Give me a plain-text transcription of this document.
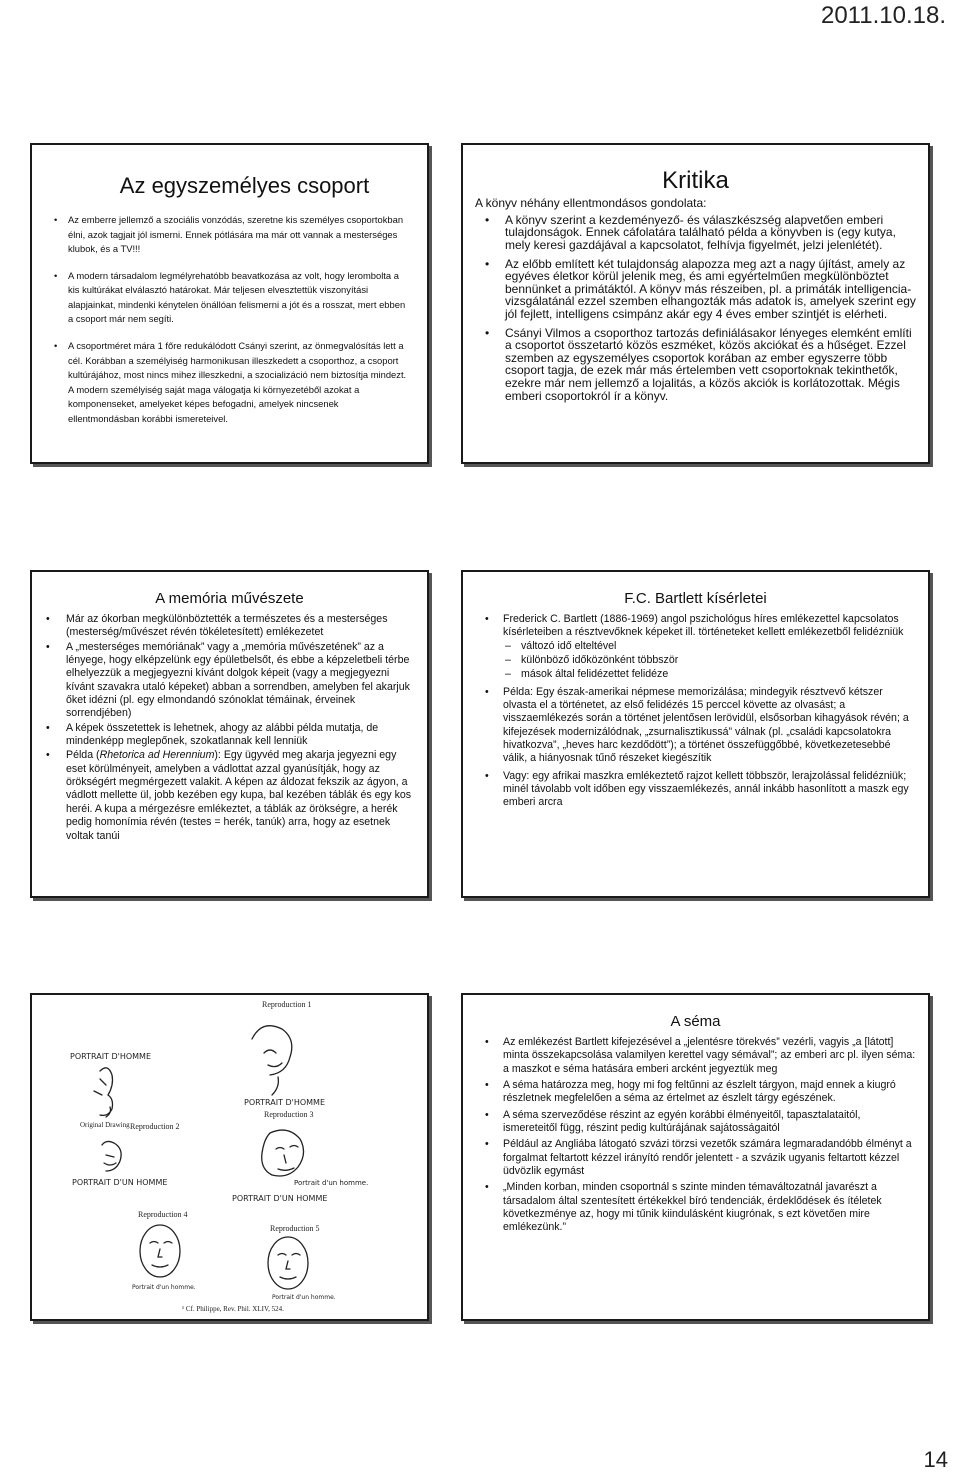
2011.10.18.
Az egyszemélyes csoport
• Az emberre jellemző a szociális vonzódás, szeretne kis személyes csoportokban élni, azok tagjait jól ismerni. Ennek pótlására ma már ott vannak a mesterséges klubok, és a TV!!!
• A modern társadalom legmélyrehatóbb beavatkozása az volt, hogy lerombolta a kis kultúrákat elválasztó határokat. Már teljesen elvesztettük viszonyítási alapjainkat, mindenki kénytelen önállóan felismerni a jót és a rosszat, mert ebben a csoport már nem segíti.
• A csoportméret mára 1 főre redukálódott Csányi szerint, az önmegvalósítás lett a cél. Korábban a személyiség harmonikusan illeszkedett a csoporthoz, a csoport kultúrájához, most nincs mihez illeszkedni, a szocializáció nem biztosítja mindezt. A modern személyiség saját maga válogatja ki környezetéből azokat a komponenseket, amelyeket képes befogadni, amelyek nincsenek ellentmondásban korábbi ismereteivel.
Kritika
A könyv néhány ellentmondásos gondolata:
• A könyv szerint a kezdeményező- és válaszkészség alapvetően emberi tulajdonságok. Ennek cáfolatára található példa a könyvben is (egy kutya, mely keresi gazdájával a kapcsolatot, felhívja figyelmét, jelzi jelenlétét).
• Az előbb említett két tulajdonság alapozza meg azt a nagy újítást, amely az egyéves életkor körül jelenik meg, és ami egyértelműen megkülönböztet bennünket a primátáktól. A könyv más részeiben, pl. a primáták intelligencia-vizsgálatánál ezzel szemben elhangozták más adatok is, amelyek szerint egy jól fejlett, intelligens csimpánz akár egy 4 éves ember szintjét is elérheti.
• Csányi Vilmos a csoporthoz tartozás definiálásakor lényeges elemként említi a csoportot összetartó közös eszméket, közös akciókat és a hűséget. Ezzel szemben az egyszemélyes csoportok korában az ember egyszerre több csoport tagja, de ezek már más értelemben vett csoportoknak tekinthetők, ezekre már nem jellemző a lojalitás, a közös akciók is korlátozottak. Mégis emberi csoportokról ír a könyv.
A memória művészete
• Már az ókorban megkülönböztették a természetes és a mesterséges (mesterség/művészet révén tökéletesített) emlékezetet
• A „mesterséges memóriának” vagy a „memória művészetének” az a lényege, hogy elképzelünk egy épületbelsőt, és ebbe a képzeletbeli térbe elhelyezzük a megjegyezni kívánt dolgok képeit (vagy a megjegyezni kívánt szavakra utaló képeket) abban a sorrendben, amelyben fel akarjuk őket idézni (pl. egy elmondandó szónoklat témáinak, érveinek sorrendjében)
• A képek összetettek is lehetnek, ahogy az alábbi példa mutatja, de mindenképp meglepőnek, szokatlannak kell lenniük
• Példa (Rhetorica ad Herennium): Egy ügyvéd meg akarja jegyezni egy eset körülményeit, amelyben a vádlottat azzal gyanúsítják, hogy az örökségért megmérgezett valakit. A képen az áldozat fekszik az ágyon, a vádlott mellette ül, jobb kezében egy kupa, bal kezében táblák és egy kos heréi. A kupa a mérgezésre emlékeztet, a táblák az örökségre, a herék pedig homonímia révén (testes = herék, tanúk) arra, hogy az esetnek voltak tanúi
F.C. Bartlett kísérletei
• Frederick C. Bartlett (1886-1969) angol pszichológus híres emlékezettel kapcsolatos kísérleteiben a résztvevőknek képeket ill. történeteket kellett emlékezetből felidézniük
– változó idő elteltével
– különböző időközönként többször
– mások által felidézettet felidéze
• Példa: Egy észak-amerikai népmese memorizálása; mindegyik résztvevő kétszer olvasta el a történetet, az első felidézés 15 perccel követte az olvasást; a visszaemlékezés során a történet jelentősen lerövidül, elsősorban kihagyások révén; a kifejezések modernizálódnak, „zsurnalisztikussá” válnak (pl. „családi kapcsolatokra hivatkozva”, „heves harc kezdődött”); a történet összefüggőbbé, következetesebbé válik, a hiányosnak tűnő részeket kiegészítik
• Vagy: egy afrikai maszkra emlékeztető rajzot kellett többször, lerajzolással felidézniük; minél távolabb volt időben egy visszaemlékezés, annál inkább hasonlított a maszk egy emberi arcra
PORTRAIT D'HOMME
Original Drawing
Reproduction 1
PORTRAIT D'HOMME
Reproduction 2
PORTRAIT D'UN HOMME
Reproduction 3
Portrait d'un homme.
Reproduction 4
Portrait d'un homme.
Reproduction 5
Portrait d'un homme.
PORTRAIT D'UN HOMME
¹ Cf. Philippe, Rev. Phil. XLIV, 524.
A séma
• Az emlékezést Bartlett kifejezésével a „jelentésre törekvés” vezérli, vagyis „a [látott] minta összekapcsolása valamilyen kerettel vagy sémával”; az emberi arc pl. ilyen séma: a maszkot e séma hatására emberi arcként jegyeztük meg
• A séma határozza meg, hogy mi fog feltűnni az észlelt tárgyon, majd ennek a kiugró részletnek megfelelően a séma az értelmet az észlelt tárgy egészének.
• A séma szerveződése részint az egyén korábbi élményeitől, tapasztalataitól, ismereteitől függ, részint pedig kultúrájának sajátosságaitól
• Például az Angliába látogató szvázi törzsi vezetők számára legmaradandóbb élményt a forgalmat feltartott kézzel irányító rendőr jelentett - a szvázik ugyanis feltartott kézzel üdvözlik egymást
• „Minden korban, minden csoportnál s szinte minden témaváltozatnál javarészt a társadalom által szentesített értékekkel bíró tendenciák, érdeklődések és ítéletek következménye az, hogy mi tűnik kiindulásként kiugrónak, s ezt követően mire emlékezünk.”
14
